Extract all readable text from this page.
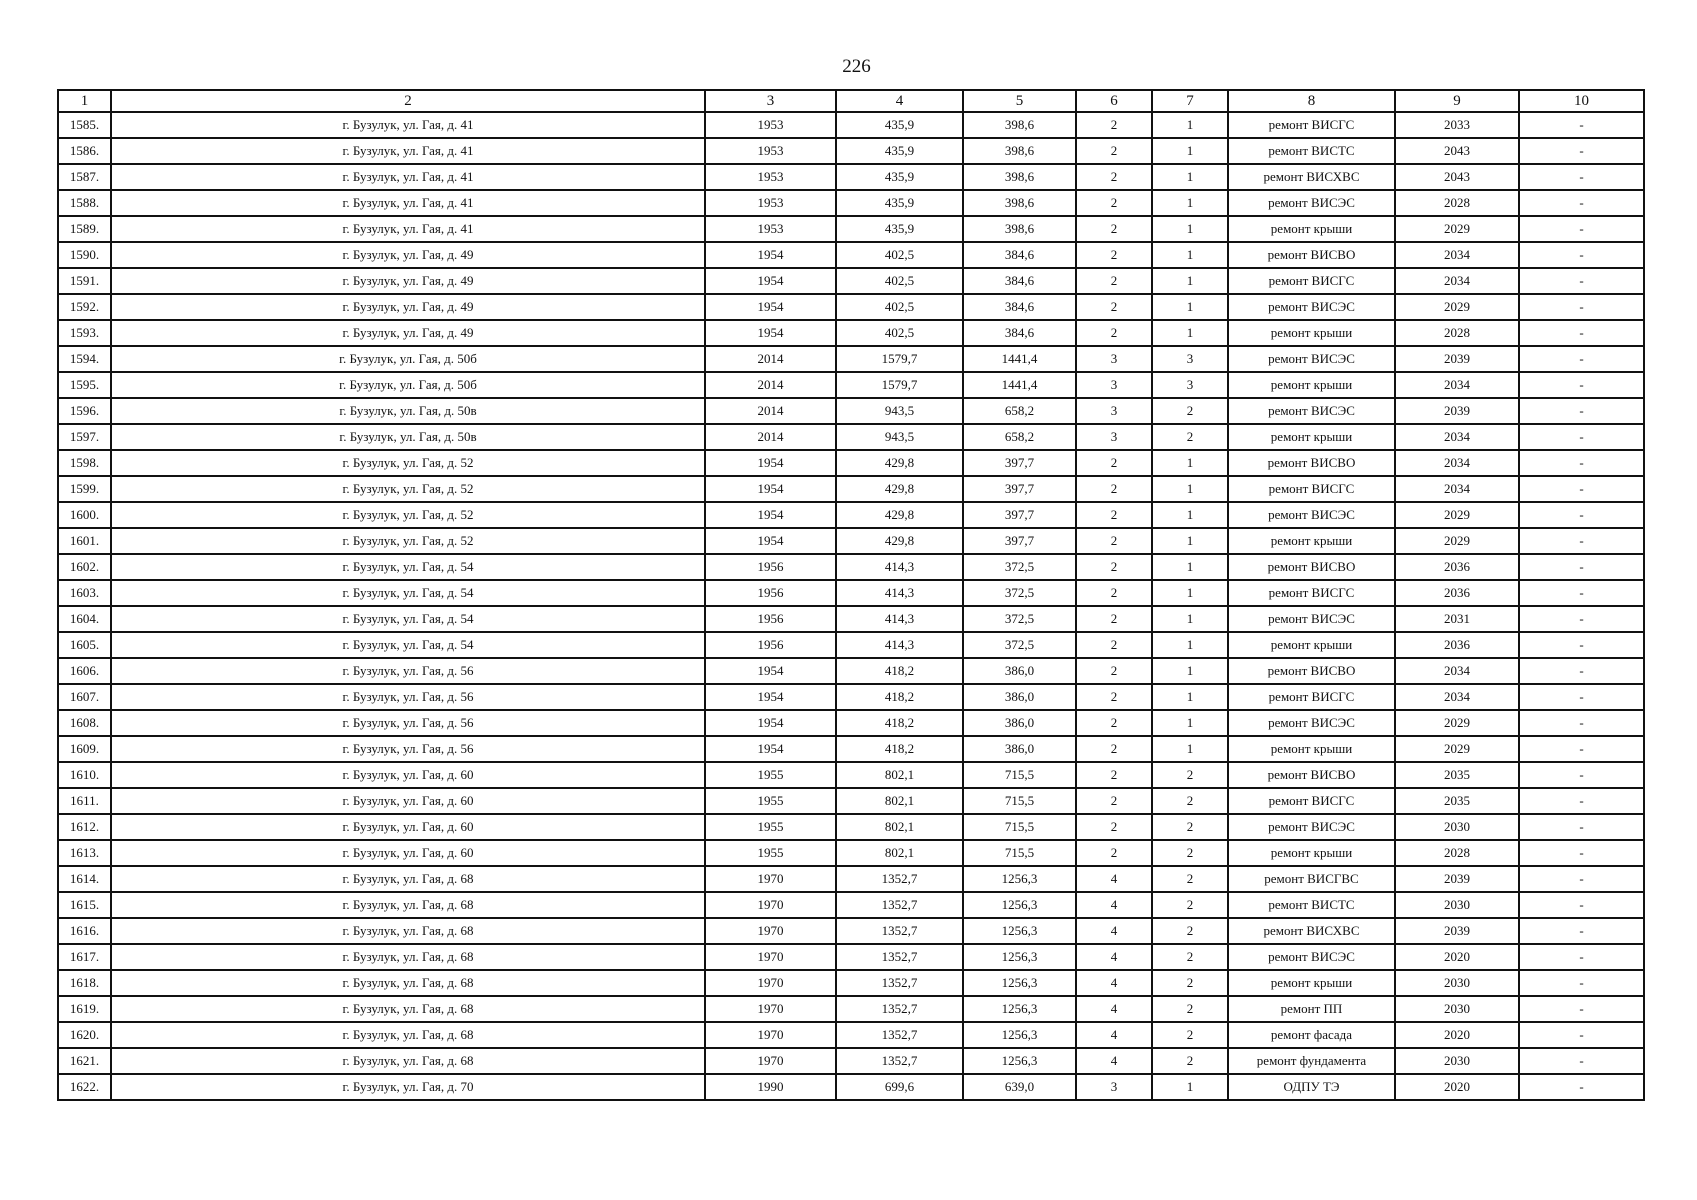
226
1	2	3	4	5	6	7	8	9	10
1585.	г. Бузулук, ул. Гая, д. 41	1953	435,9	398,6	2	1	ремонт ВИСГС	2033	-
1586.	г. Бузулук, ул. Гая, д. 41	1953	435,9	398,6	2	1	ремонт ВИСТС	2043	-
1587.	г. Бузулук, ул. Гая, д. 41	1953	435,9	398,6	2	1	ремонт ВИСХВС	2043	-
1588.	г. Бузулук, ул. Гая, д. 41	1953	435,9	398,6	2	1	ремонт ВИСЭС	2028	-
1589.	г. Бузулук, ул. Гая, д. 41	1953	435,9	398,6	2	1	ремонт крыши	2029	-
1590.	г. Бузулук, ул. Гая, д. 49	1954	402,5	384,6	2	1	ремонт ВИСВО	2034	-
1591.	г. Бузулук, ул. Гая, д. 49	1954	402,5	384,6	2	1	ремонт ВИСГС	2034	-
1592.	г. Бузулук, ул. Гая, д. 49	1954	402,5	384,6	2	1	ремонт ВИСЭС	2029	-
1593.	г. Бузулук, ул. Гая, д. 49	1954	402,5	384,6	2	1	ремонт крыши	2028	-
1594.	г. Бузулук, ул. Гая, д. 50б	2014	1579,7	1441,4	3	3	ремонт ВИСЭС	2039	-
1595.	г. Бузулук, ул. Гая, д. 50б	2014	1579,7	1441,4	3	3	ремонт крыши	2034	-
1596.	г. Бузулук, ул. Гая, д. 50в	2014	943,5	658,2	3	2	ремонт ВИСЭС	2039	-
1597.	г. Бузулук, ул. Гая, д. 50в	2014	943,5	658,2	3	2	ремонт крыши	2034	-
1598.	г. Бузулук, ул. Гая, д. 52	1954	429,8	397,7	2	1	ремонт ВИСВО	2034	-
1599.	г. Бузулук, ул. Гая, д. 52	1954	429,8	397,7	2	1	ремонт ВИСГС	2034	-
1600.	г. Бузулук, ул. Гая, д. 52	1954	429,8	397,7	2	1	ремонт ВИСЭС	2029	-
1601.	г. Бузулук, ул. Гая, д. 52	1954	429,8	397,7	2	1	ремонт крыши	2029	-
1602.	г. Бузулук, ул. Гая, д. 54	1956	414,3	372,5	2	1	ремонт ВИСВО	2036	-
1603.	г. Бузулук, ул. Гая, д. 54	1956	414,3	372,5	2	1	ремонт ВИСГС	2036	-
1604.	г. Бузулук, ул. Гая, д. 54	1956	414,3	372,5	2	1	ремонт ВИСЭС	2031	-
1605.	г. Бузулук, ул. Гая, д. 54	1956	414,3	372,5	2	1	ремонт крыши	2036	-
1606.	г. Бузулук, ул. Гая, д. 56	1954	418,2	386,0	2	1	ремонт ВИСВО	2034	-
1607.	г. Бузулук, ул. Гая, д. 56	1954	418,2	386,0	2	1	ремонт ВИСГС	2034	-
1608.	г. Бузулук, ул. Гая, д. 56	1954	418,2	386,0	2	1	ремонт ВИСЭС	2029	-
1609.	г. Бузулук, ул. Гая, д. 56	1954	418,2	386,0	2	1	ремонт крыши	2029	-
1610.	г. Бузулук, ул. Гая, д. 60	1955	802,1	715,5	2	2	ремонт ВИСВО	2035	-
1611.	г. Бузулук, ул. Гая, д. 60	1955	802,1	715,5	2	2	ремонт ВИСГС	2035	-
1612.	г. Бузулук, ул. Гая, д. 60	1955	802,1	715,5	2	2	ремонт ВИСЭС	2030	-
1613.	г. Бузулук, ул. Гая, д. 60	1955	802,1	715,5	2	2	ремонт крыши	2028	-
1614.	г. Бузулук, ул. Гая, д. 68	1970	1352,7	1256,3	4	2	ремонт ВИСГВС	2039	-
1615.	г. Бузулук, ул. Гая, д. 68	1970	1352,7	1256,3	4	2	ремонт ВИСТС	2030	-
1616.	г. Бузулук, ул. Гая, д. 68	1970	1352,7	1256,3	4	2	ремонт ВИСХВС	2039	-
1617.	г. Бузулук, ул. Гая, д. 68	1970	1352,7	1256,3	4	2	ремонт ВИСЭС	2020	-
1618.	г. Бузулук, ул. Гая, д. 68	1970	1352,7	1256,3	4	2	ремонт крыши	2030	-
1619.	г. Бузулук, ул. Гая, д. 68	1970	1352,7	1256,3	4	2	ремонт ПП	2030	-
1620.	г. Бузулук, ул. Гая, д. 68	1970	1352,7	1256,3	4	2	ремонт фасада	2020	-
1621.	г. Бузулук, ул. Гая, д. 68	1970	1352,7	1256,3	4	2	ремонт фундамента	2030	-
1622.	г. Бузулук, ул. Гая, д. 70	1990	699,6	639,0	3	1	ОДПУ ТЭ	2020	-
